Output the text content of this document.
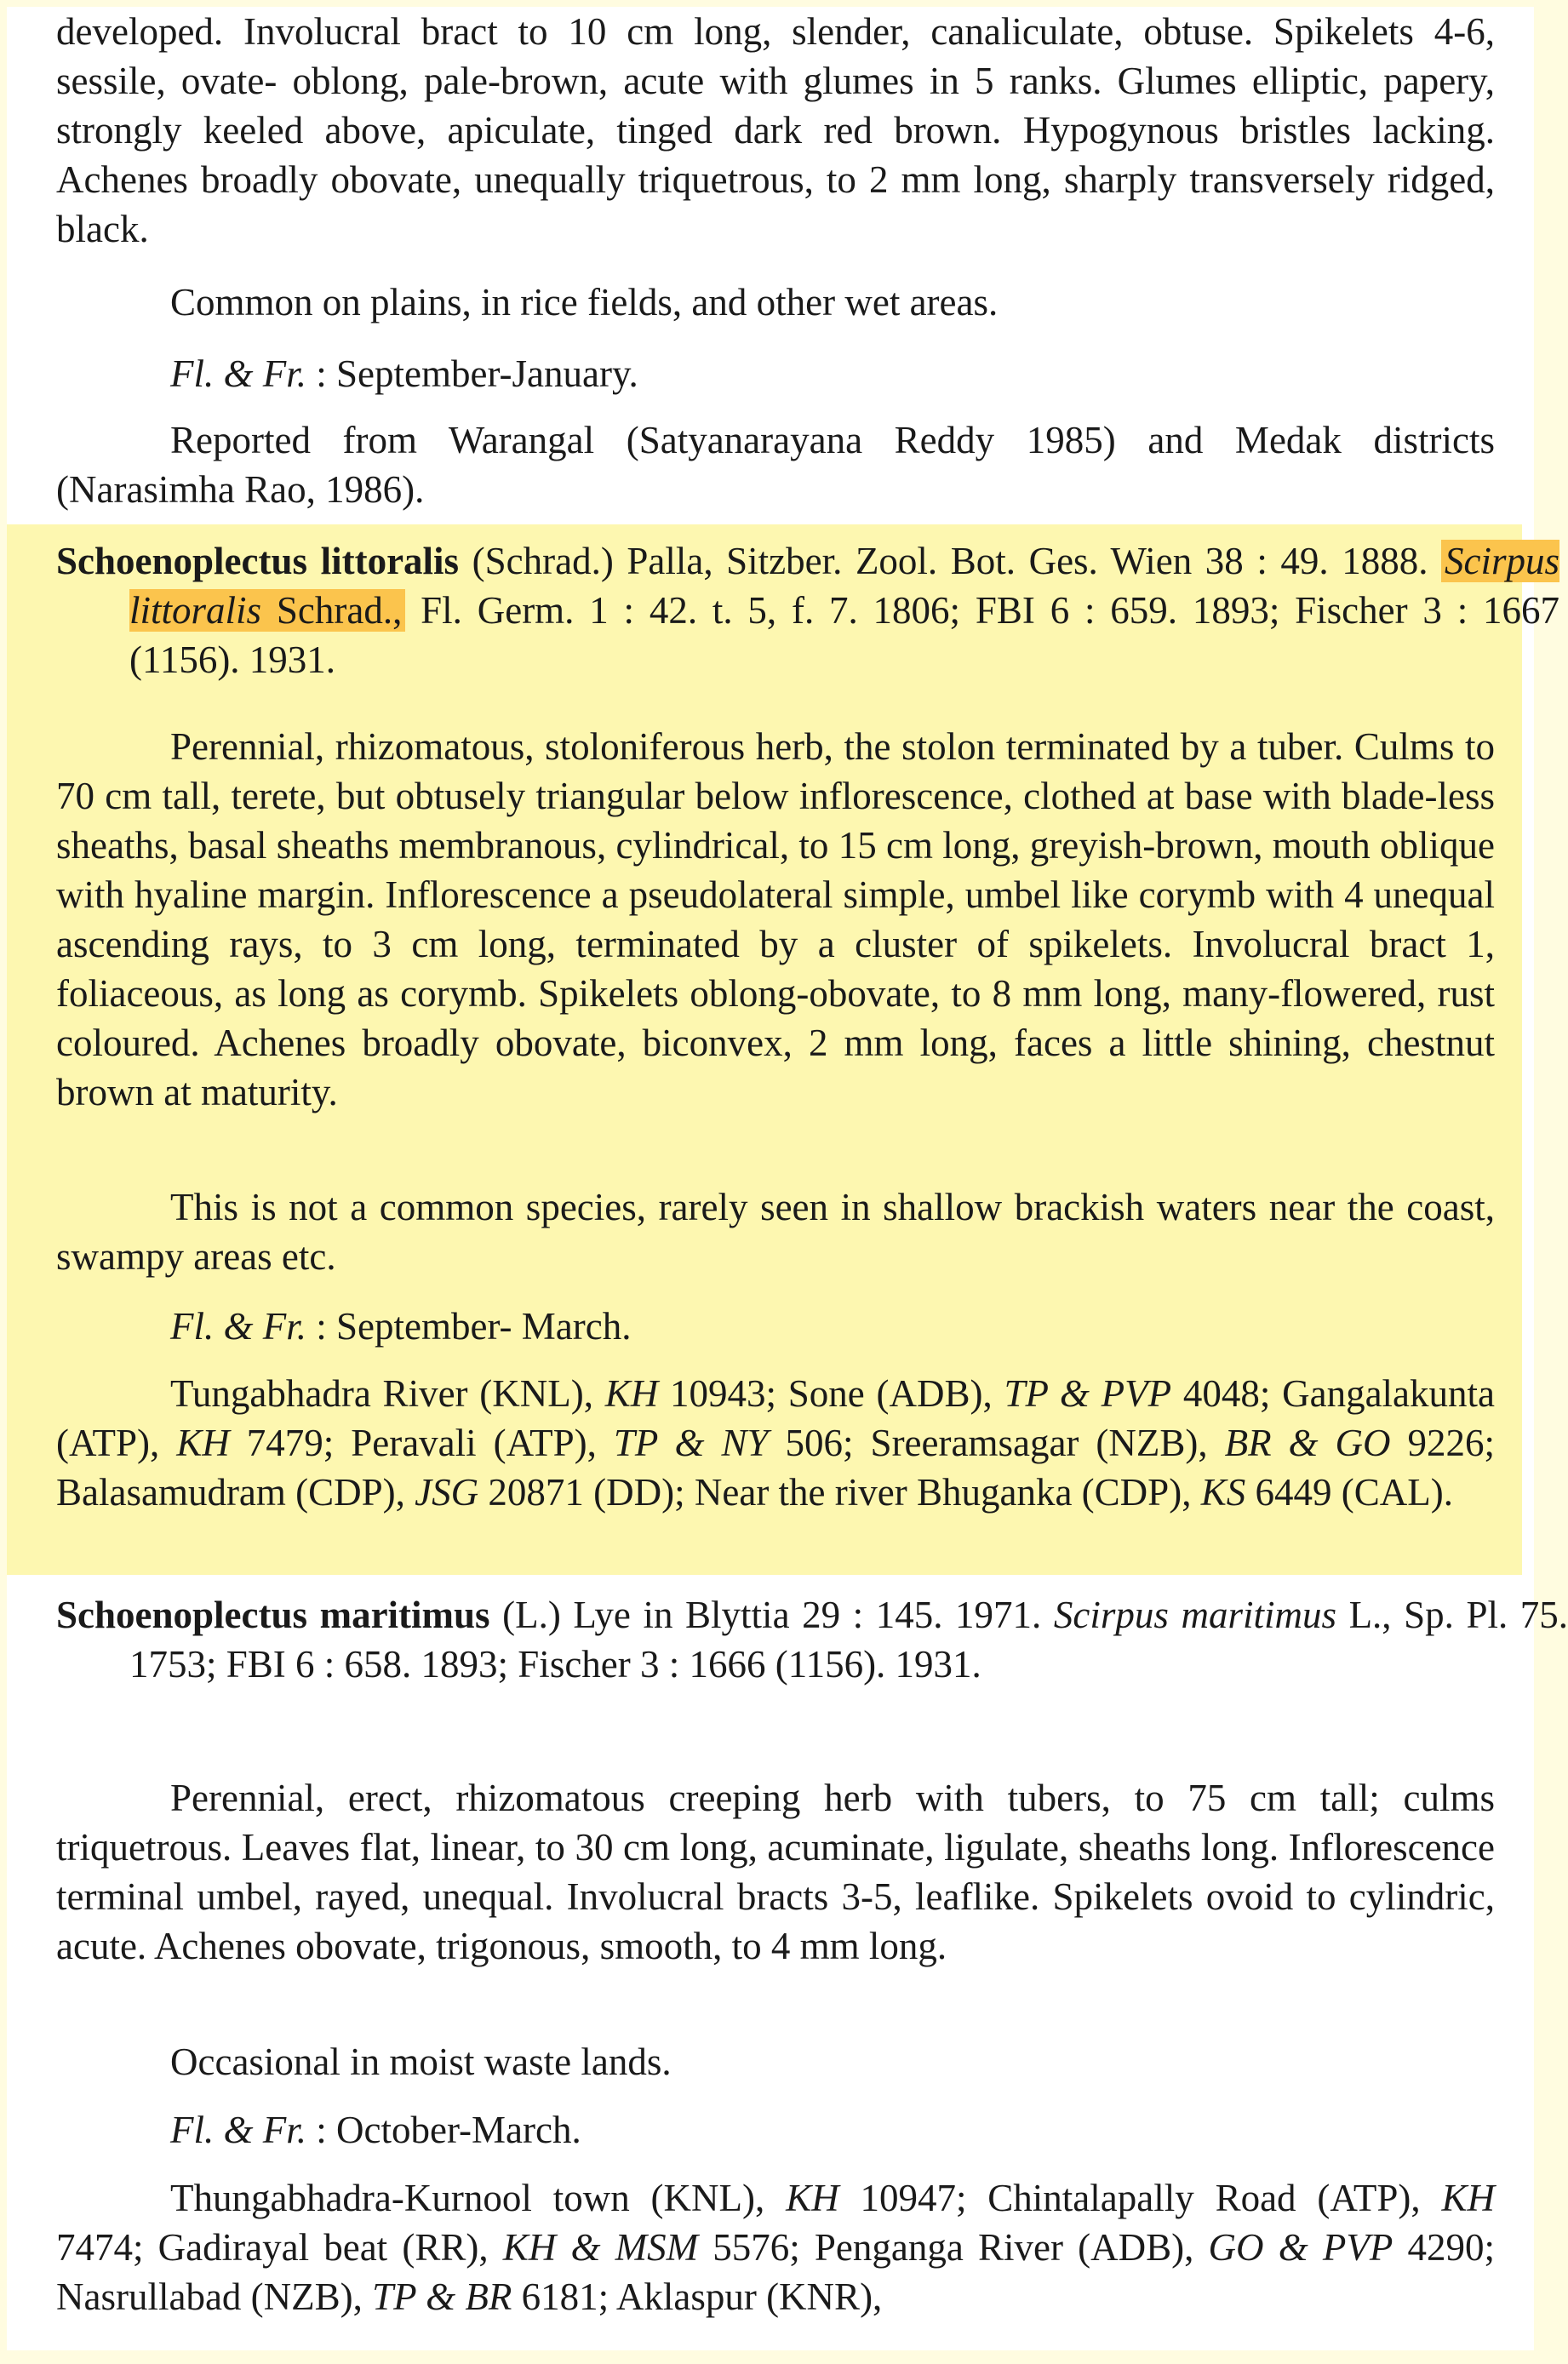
developed. Involucral bract to 10 cm long, slender, canaliculate, obtuse. Spikelets 4-6, sessile, ovate- oblong, pale-brown, acute with glumes in 5 ranks. Glumes elliptic, papery, strongly keeled above, apiculate, tinged dark red brown. Hypogynous bristles lacking. Achenes broadly obovate, unequally triquetrous, to 2 mm long, sharply transversely ridged, black.

Common on plains, in rice fields, and other wet areas.

Fl. & Fr. : September-January.

Reported from Warangal (Satyanarayana Reddy 1985) and Medak districts (Narasimha Rao, 1986).

Schoenoplectus littoralis (Schrad.) Palla, Sitzber. Zool. Bot. Ges. Wien 38 : 49. 1888. Scirpus littoralis Schrad., Fl. Germ. 1 : 42. t. 5, f. 7. 1806; FBI 6 : 659. 1893; Fischer 3 : 1667 (1156). 1931.

Perennial, rhizomatous, stoloniferous herb, the stolon terminated by a tuber. Culms to 70 cm tall, terete, but obtusely triangular below inflorescence, clothed at base with blade-less sheaths, basal sheaths membranous, cylindrical, to 15 cm long, greyish-brown, mouth oblique with hyaline margin. Inflorescence a pseudolateral simple, umbel like corymb with 4 unequal ascending rays, to 3 cm long, terminated by a cluster of spikelets. Involucral bract 1, foliaceous, as long as corymb. Spikelets oblong-obovate, to 8 mm long, many-flowered, rust coloured. Achenes broadly obovate, biconvex, 2 mm long, faces a little shining, chestnut brown at maturity.

This is not a common species, rarely seen in shallow brackish waters near the coast, swampy areas etc.

Fl. & Fr. : September- March.

Tungabhadra River (KNL), KH 10943; Sone (ADB), TP & PVP 4048; Gangalakunta (ATP), KH 7479; Peravali (ATP), TP & NY 506; Sreeramsagar (NZB), BR & GO 9226; Balasamudram (CDP), JSG 20871 (DD); Near the river Bhuganka (CDP), KS 6449 (CAL).

Schoenoplectus maritimus (L.) Lye in Blyttia 29 : 145. 1971. Scirpus maritimus L., Sp. Pl. 75. 1753; FBI 6 : 658. 1893; Fischer 3 : 1666 (1156). 1931.

Perennial, erect, rhizomatous creeping herb with tubers, to 75 cm tall; culms triquetrous. Leaves flat, linear, to 30 cm long, acuminate, ligulate, sheaths long. Inflorescence terminal umbel, rayed, unequal. Involucral bracts 3-5, leaflike. Spikelets ovoid to cylindric, acute. Achenes obovate, trigonous, smooth, to 4 mm long.

Occasional in moist waste lands.

Fl. & Fr. : October-March.

Thungabhadra-Kurnool town (KNL), KH 10947; Chintalapally Road (ATP), KH 7474; Gadirayal beat (RR), KH & MSM 5576; Penganga River (ADB), GO & PVP 4290; Nasrullabad (NZB), TP & BR 6181; Aklaspur (KNR),
